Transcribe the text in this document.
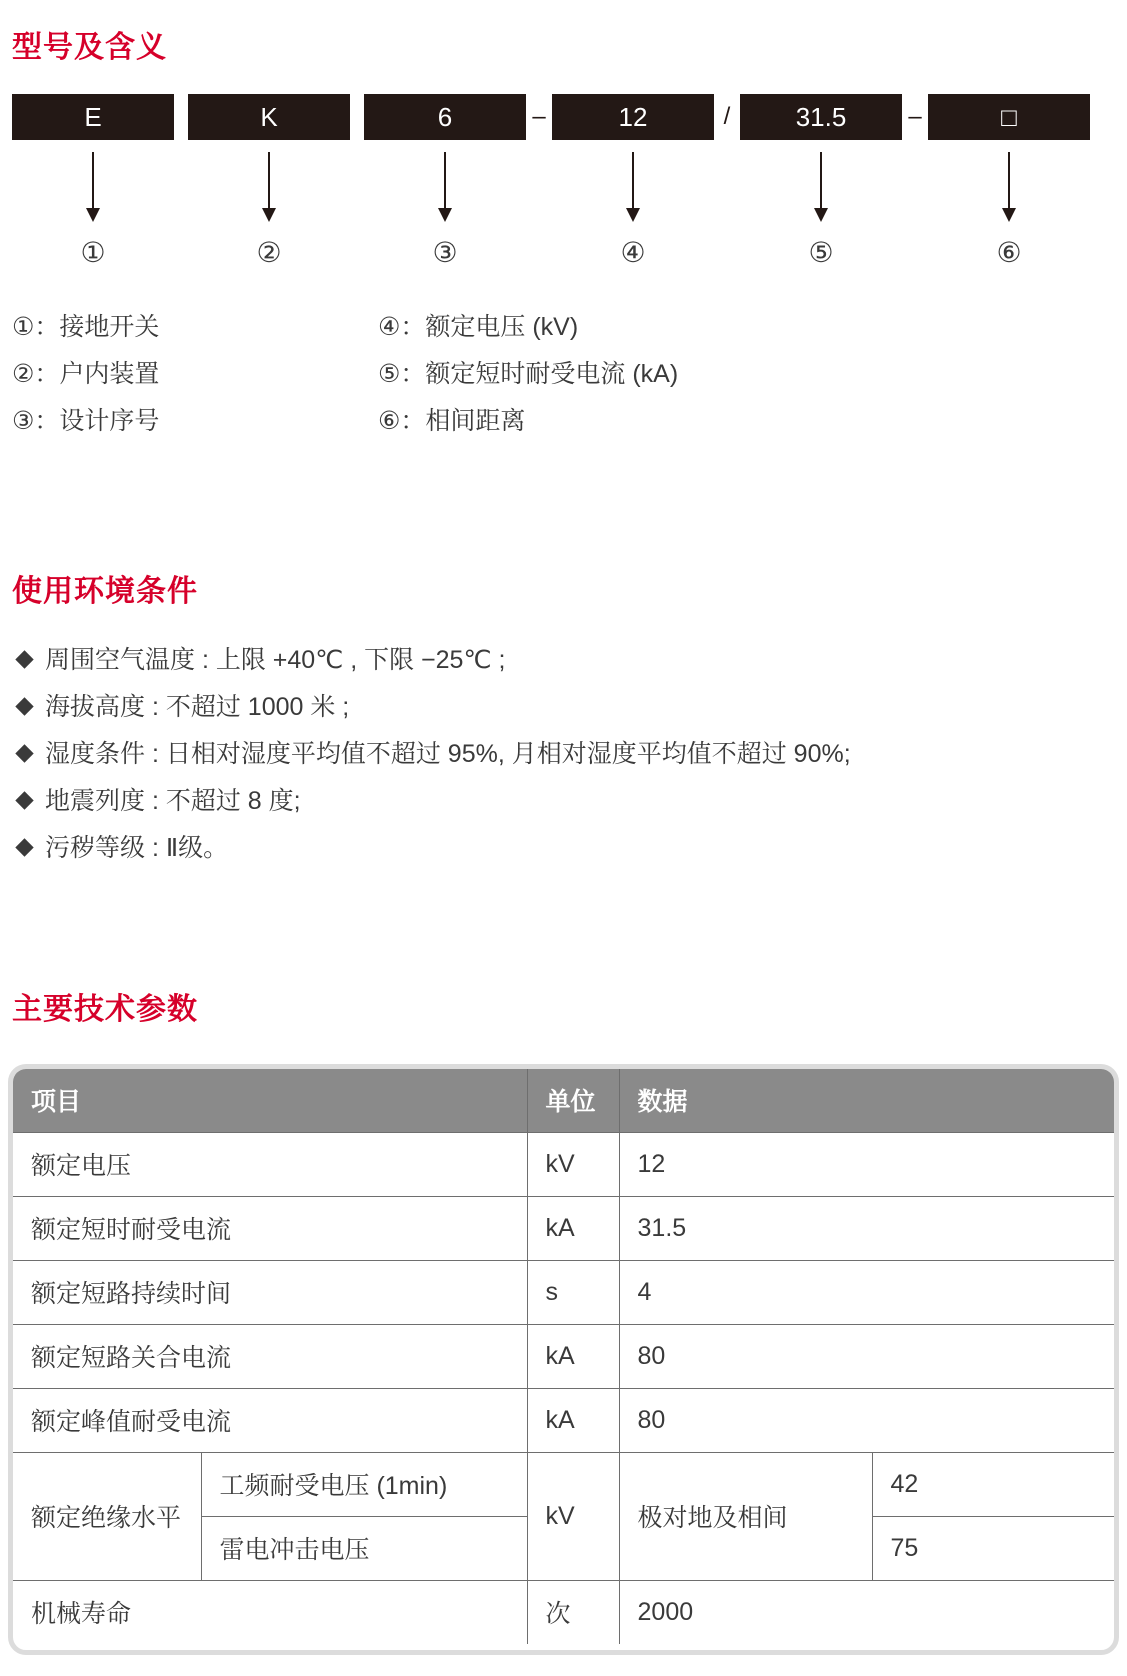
型号及含义
E	K	6	–	12	/	31.5	–	□
①	②	③	④	⑤	⑥
①：接地开关
②：户内装置
③：设计序号
④：额定电压 (kV)
⑤：额定短时耐受电流 (kA)
⑥：相间距离
使用环境条件
周围空气温度 : 上限 +40℃ , 下限 −25℃ ;
海拔高度 : 不超过 1000 米 ;
湿度条件 : 日相对湿度平均值不超过 95%, 月相对湿度平均值不超过 90%;
地震列度 : 不超过 8 度;
污秽等级 : Ⅱ级。
主要技术参数
项目		单位	数据	
额定电压		kV	12	
额定短时耐受电流		kA	31.5	
额定短路持续时间		s	4	
额定短路关合电流		kA	80	
额定峰值耐受电流		kA	80	
额定绝缘水平	工频耐受电压 (1min)	kV	极对地及相间	42
	雷电冲击电压			75
机械寿命		次	2000	
